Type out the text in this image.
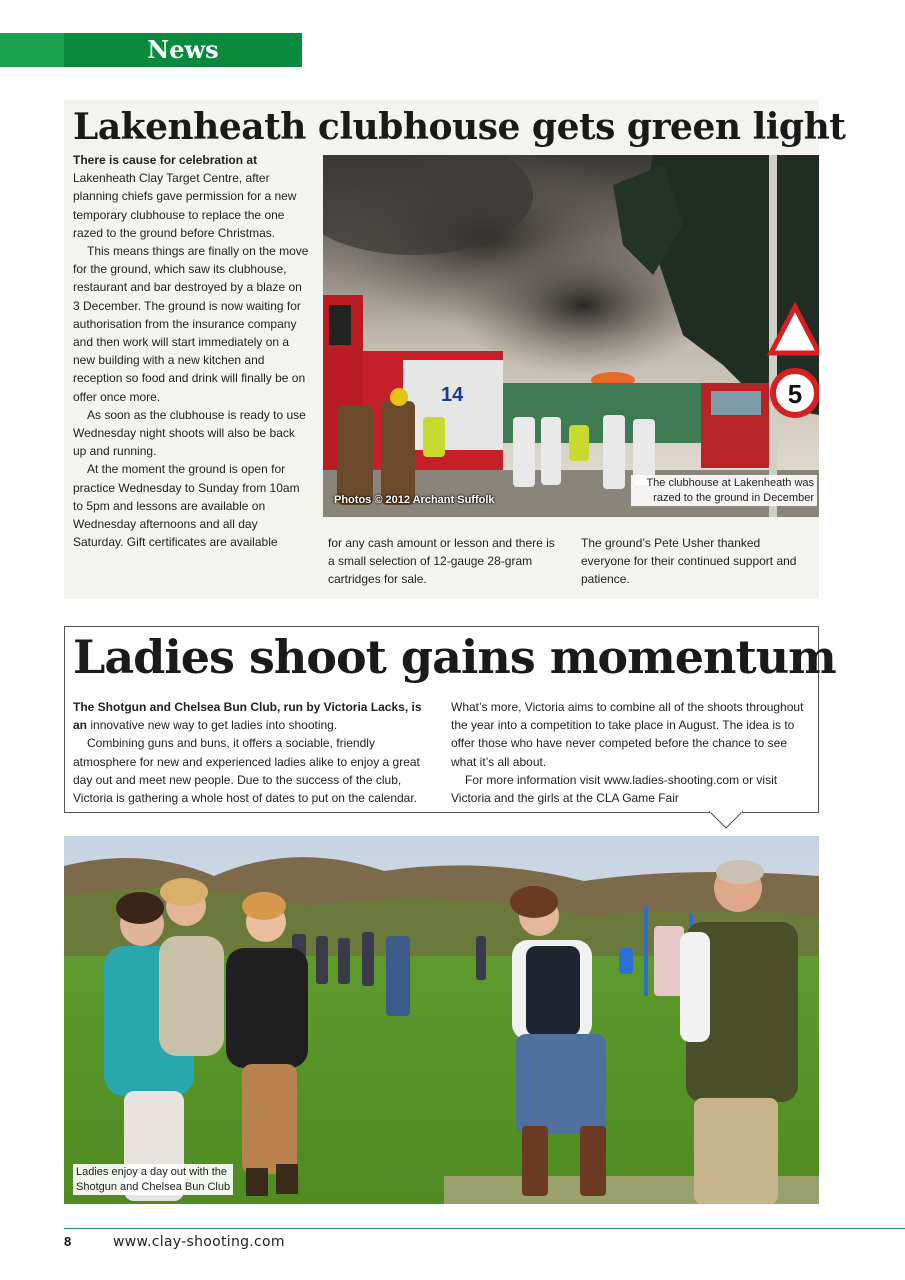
News
Lakenheath clubhouse gets green light

There is cause for celebration at Lakenheath Clay Target Centre, after planning chiefs gave permission for a new temporary clubhouse to replace the one razed to the ground before Christmas.

This means things are finally on the move for the ground, which saw its clubhouse, restaurant and bar destroyed by a blaze on 3 December. The ground is now waiting for authorisation from the insurance company and then work will start immediately on a new building with a new kitchen and reception so food and drink will finally be on offer once more.

As soon as the clubhouse is ready to use Wednesday night shoots will also be back up and running.

At the moment the ground is open for practice Wednesday to Sunday from 10am to 5pm and lessons are available on Wednesday afternoons and all day Saturday. Gift certificates are available	for any cash amount or lesson and there is a small selection of 12-gauge 28-gram cartridges for sale.
The ground’s Pete Usher thanked everyone for their continued support and patience.
14	5
Photos © 2012 Archant Suffolk
The clubhouse at Lakenheath was razed to the ground in December
Ladies shoot gains momentum

The Shotgun and Chelsea Bun Club, run by Victoria Lacks, is an innovative new way to get ladies into shooting.

Combining guns and buns, it offers a sociable, friendly atmosphere for new and experienced ladies alike to enjoy a great day out and meet new people. Due to the success of the club, Victoria is gathering a whole host of dates to put on the calendar.

What’s more, Victoria aims to combine all of the shoots throughout the year into a competition to take place in August. The idea is to offer those who have never competed before the chance to see what it’s all about.

For more information visit www.ladies-shooting.com or visit Victoria and the girls at the CLA Game Fair

Ladies enjoy a day out with the
Shotgun and Chelsea Bun Club
8	www.clay-shooting.com
